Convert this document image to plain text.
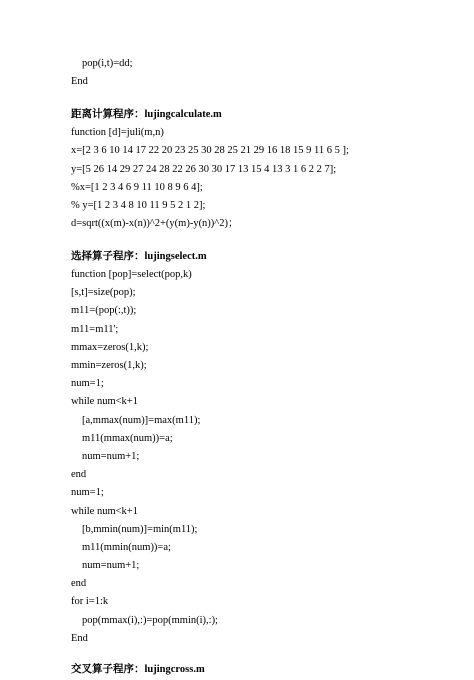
pop(i,t)=dd;
End
距离计算程序：lujingcalculate.m
function [d]=juli(m,n)
x=[2 3 6 10 14 17 22 20 23 25 30 28 25 21 29 16 18 15 9 11 6 5 ];
y=[5 26 14 29 27 24 28 22 26 30 30 17 13 15 4 13 3 1 6 2 2 7];
%x=[1 2 3 4 6 9 11 10 8 9 6 4];
% y=[1 2 3 4 8 10 11 9 5 2 1 2];
d=sqrt((x(m)-x(n))^2+(y(m)-y(n))^2)；
选择算子程序：lujingselect.m
function [pop]=select(pop,k)
[s,t]=size(pop);
m11=(pop(:,t));
m11=m11';
mmax=zeros(1,k);
mmin=zeros(1,k);
num=1;
while num<k+1
[a,mmax(num)]=max(m11);
m11(mmax(num))=a;
num=num+1;
end
num=1;
while num<k+1
[b,mmin(num)]=min(m11);
m11(mmin(num))=a;
num=num+1;
end
for i=1:k
pop(mmax(i),:)=pop(mmin(i),:);
End
交叉算子程序：lujingcross.m
